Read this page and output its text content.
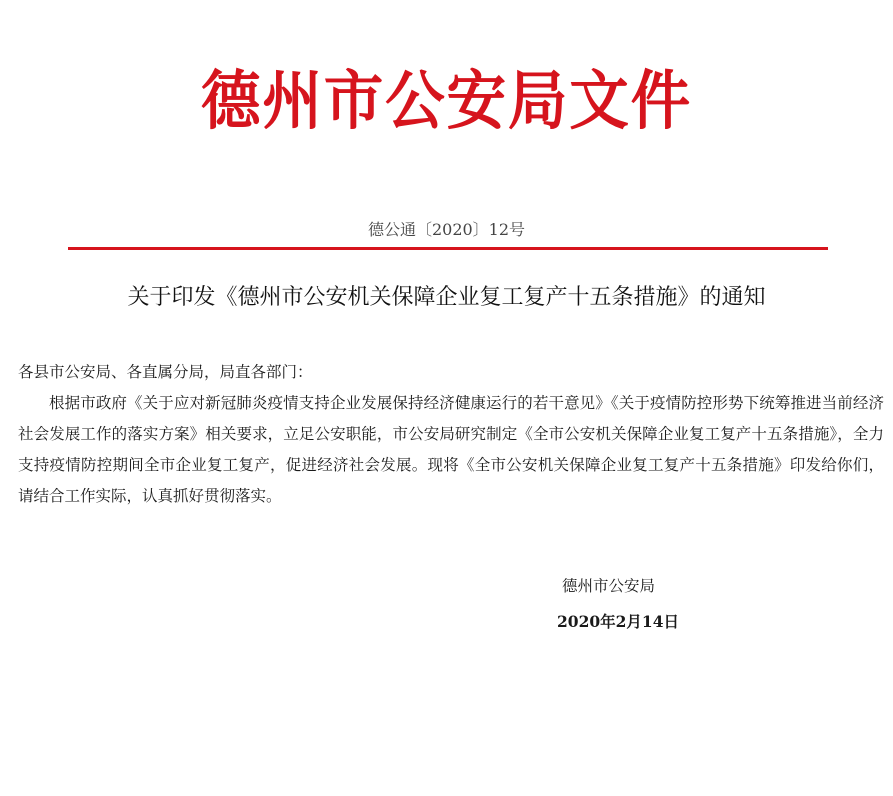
德州市公安局文件
德公通〔2020〕12号
关于印发《德州市公安机关保障企业复工复产十五条措施》的通知

各县市公安局、各直属分局，局直各部门：

根据市政府《关于应对新冠肺炎疫情支持企业发展保持经济健康运行的若干意见》《关于疫情防控形势下统筹推进当前经济社会发展工作的落实方案》相关要求，立足公安职能，市公安局研究制定《全市公安机关保障企业复工复产十五条措施》，全力支持疫情防控期间全市企业复工复产，促进经济社会发展。现将《全市公安机关保障企业复工复产十五条措施》印发给你们，请结合工作实际，认真抓好贯彻落实。

德州市公安局
2020年2月14日
